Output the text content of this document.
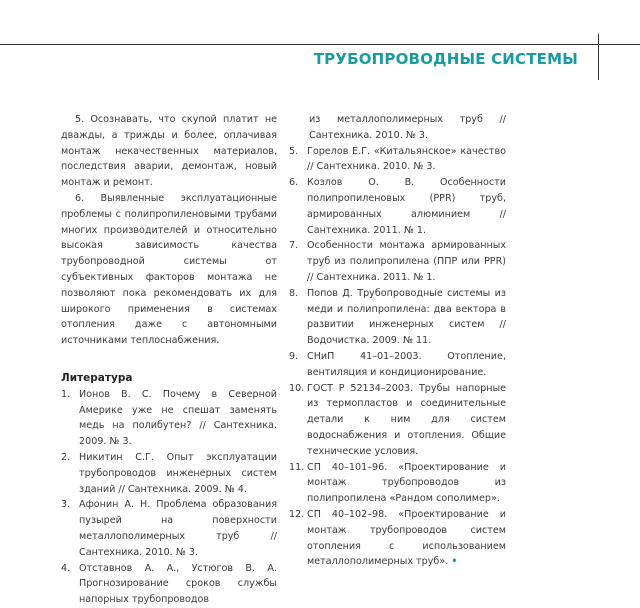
ТРУБОПРОВОДНЫЕ СИСТЕМЫ

5. Осознавать, что скупой платит не дважды, а трижды и более, оплачивая монтаж некачественных материалов, последствия аварии, демонтаж, новый монтаж и ремонт.

6. Выявленные эксплуатационные проблемы с полипропиленовыми трубами многих производителей и относительно высокая зависимость качества трубопроводной системы от субъективных факторов монтажа не позволяют пока рекомендовать их для широкого применения в системах отопления даже с автономными источниками теплоснабжения.

Литература
1. Ионов В. С. Почему в Северной Америке уже не спешат заменять медь на полибутен? // Сантехника. 2009. № 3.
2. Никитин С.Г. Опыт эксплуатации трубопроводов инженерных систем зданий // Сантехника. 2009. № 4.
3. Афонин А. Н. Проблема образования пузырей на поверхности металлополимерных труб // Сантехника. 2010. № 3.
4. Отставнов А. А., Устюгов В. А. Прогнозирование сроков службы напорных трубопроводов
из металлополимерных труб // Сантехника. 2010. № 3.
5. Горелов Е.Г. «Китальянское» качество // Сантехника. 2010. № 3.
6. Козлов О. В. Особенности полипропиленовых (PPR) труб, армированных алюминием // Сантехника. 2011. № 1.
7. Особенности монтажа армированных труб из полипропилена (ППР или PPR) // Сантехника. 2011. № 1.
8. Попов Д. Трубопроводные системы из меди и полипропилена: два вектора в развитии инженерных систем // Водочистка. 2009. № 11.
9. СНиП 41–01–2003. Отопление, вентиляция и кондиционирование.
10. ГОСТ Р 52134–2003. Трубы напорные из термопластов и соединительные детали к ним для систем водоснабжения и отопления. Общие технические условия.
11. СП 40–101–96. «Проектирование и монтаж трубопроводов из полипропилена «Рандом сополимер».
12. СП 40–102–98. «Проектирование и монтаж трубопроводов систем отопления с использованием металлополимерных труб». •
